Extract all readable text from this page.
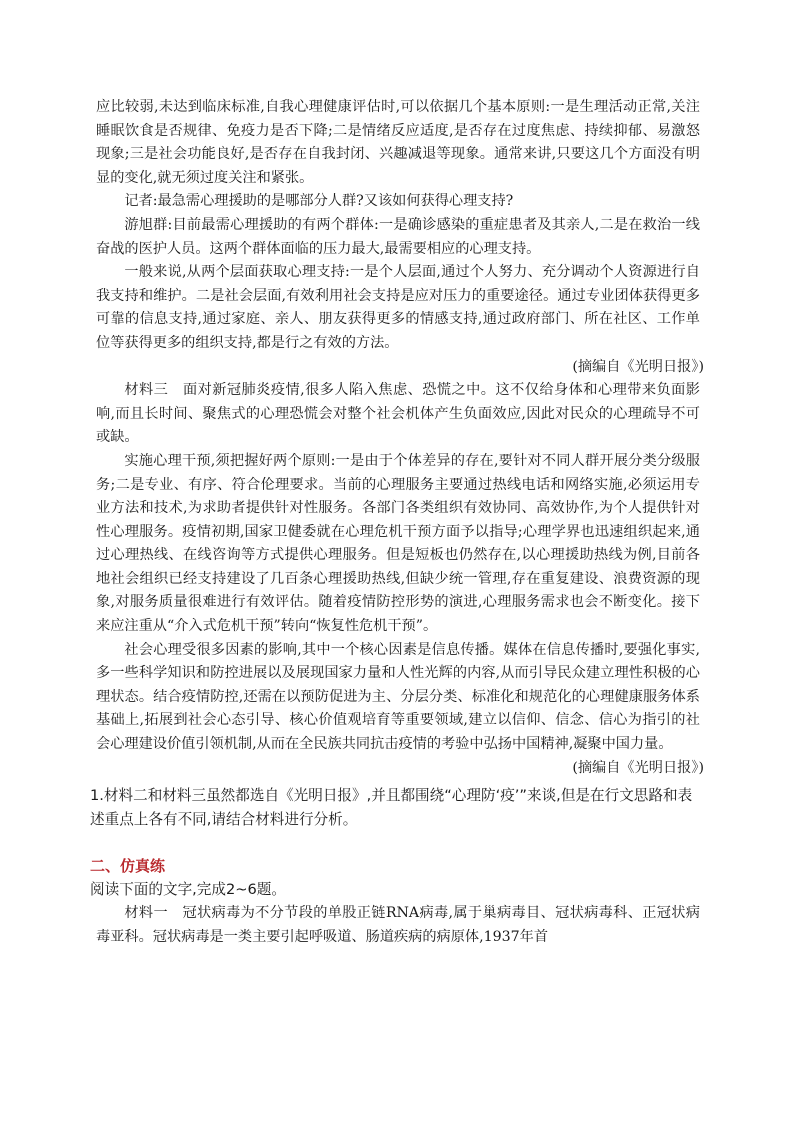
应比较弱,未达到临床标准,自我心理健康评估时,可以依据几个基本原则:一是生理活动正常,关注睡眠饮食是否规律、免疫力是否下降;二是情绪反应适度,是否存在过度焦虑、持续抑郁、易激怒现象;三是社会功能良好,是否存在自我封闭、兴趣减退等现象。通常来讲,只要这几个方面没有明显的变化,就无须过度关注和紧张。

记者:最急需心理援助的是哪部分人群?又该如何获得心理支持?

游旭群:目前最需心理援助的有两个群体:一是确诊感染的重症患者及其亲人,二是在救治一线奋战的医护人员。这两个群体面临的压力最大,最需要相应的心理支持。

一般来说,从两个层面获取心理支持:一是个人层面,通过个人努力、充分调动个人资源进行自我支持和维护。二是社会层面,有效利用社会支持是应对压力的重要途径。通过专业团体获得更多可靠的信息支持,通过家庭、亲人、朋友获得更多的情感支持,通过政府部门、所在社区、工作单位等获得更多的组织支持,都是行之有效的方法。

(摘编自《光明日报》)

材料三 面对新冠肺炎疫情,很多人陷入焦虑、恐慌之中。这不仅给身体和心理带来负面影响,而且长时间、聚焦式的心理恐慌会对整个社会机体产生负面效应,因此对民众的心理疏导不可或缺。

实施心理干预,须把握好两个原则:一是由于个体差异的存在,要针对不同人群开展分类分级服务;二是专业、有序、符合伦理要求。当前的心理服务主要通过热线电话和网络实施,必须运用专业方法和技术,为求助者提供针对性服务。各部门各类组织有效协同、高效协作,为个人提供针对性心理服务。疫情初期,国家卫健委就在心理危机干预方面予以指导;心理学界也迅速组织起来,通过心理热线、在线咨询等方式提供心理服务。但是短板也仍然存在,以心理援助热线为例,目前各地社会组织已经支持建设了几百条心理援助热线,但缺少统一管理,存在重复建设、浪费资源的现象,对服务质量很难进行有效评估。随着疫情防控形势的演进,心理服务需求也会不断变化。接下来应注重从“介入式危机干预”转向“恢复性危机干预”。

社会心理受很多因素的影响,其中一个核心因素是信息传播。媒体在信息传播时,要强化事实,多一些科学知识和防控进展以及展现国家力量和人性光辉的内容,从而引导民众建立理性积极的心理状态。结合疫情防控,还需在以预防促进为主、分层分类、标准化和规范化的心理健康服务体系基础上,拓展到社会心态引导、核心价值观培育等重要领域,建立以信仰、信念、信心为指引的社会心理建设价值引领机制,从而在全民族共同抗击疫情的考验中弘扬中国精神,凝聚中国力量。

(摘编自《光明日报》)

1.材料二和材料三虽然都选自《光明日报》,并且都围绕“心理防‘疫’”来谈,但是在行文思路和表述重点上各有不同,请结合材料进行分析。

二、仿真练

阅读下面的文字,完成2~6题。

材料一 冠状病毒为不分节段的单股正链RNA病毒,属于巢病毒目、冠状病毒科、正冠状病毒亚科。冠状病毒是一类主要引起呼吸道、肠道疾病的病原体,1937年首
